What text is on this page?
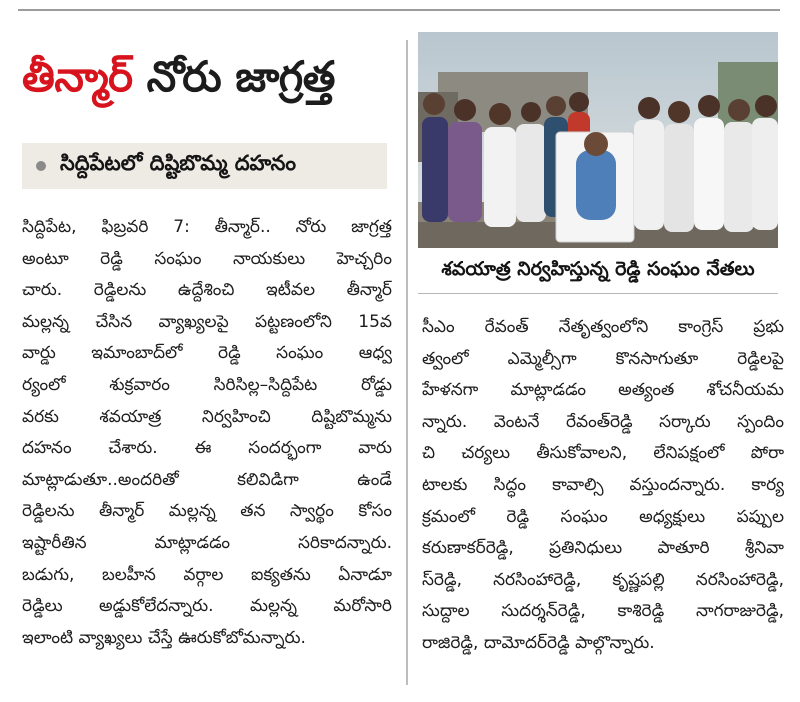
తీన్మార్ నోరు జాగ్రత్త
సిద్దిపేటలో దిష్టిబొమ్మ దహనం
సిద్దిపేట, ఫిబ్రవరి 7: తీన్మార్.. నోరు జాగ్రత్త
అంటూ రెడ్డి సంఘం నాయకులు హెచ్చరిం
చారు. రెడ్డిలను ఉద్దేశించి ఇటీవల తీన్మార్
మల్లన్న చేసిన వ్యాఖ్యలపై పట్టణంలోని 15వ
వార్డు ఇమాంబాద్‌లో రెడ్డి సంఘం ఆధ్వ
ర్యంలో శుక్రవారం సిరిసిల్ల–సిద్దిపేట రోడ్డు
వరకు శవయాత్ర నిర్వహించి దిష్టిబొమ్మను
దహనం చేశారు. ఈ సందర్భంగా వారు
మాట్లాడుతూ..అందరితో కలివిడిగా ఉండే
రెడ్డిలను తీన్మార్ మల్లన్న తన స్వార్థం కోసం
ఇష్టారీతిన మాట్లాడడం సరికాదన్నారు.
బడుగు, బలహీన వర్గాల ఐక్యతను ఏనాడూ
రెడ్డిలు అడ్డుకోలేదన్నారు. మల్లన్న మరోసారి
ఇలాంటి వ్యాఖ్యలు చేస్తే ఊరుకోబోమన్నారు.
శవయాత్ర నిర్వహిస్తున్న రెడ్డి సంఘం నేతలు
సీఎం రేవంత్ నేతృత్వంలోని కాంగ్రెస్ ప్రభు
త్వంలో ఎమ్మెల్సీగా కొనసాగుతూ రెడ్డిలపై
హేళనగా మాట్లాడడం అత్యంత శోచనీయమ
న్నారు. వెంటనే రేవంత్‌రెడ్డి సర్కారు స్పందిం
చి చర్యలు తీసుకోవాలని, లేనిపక్షంలో పోరా
టాలకు సిద్ధం కావాల్సి వస్తుందన్నారు. కార్య
క్రమంలో రెడ్డి సంఘం అధ్యక్షులు పప్పుల
కరుణాకర్‌రెడ్డి, ప్రతినిధులు పాతూరి శ్రీనివా
స్‌రెడ్డి, నరసింహారెడ్డి, కృష్ణపల్లి నరసింహారెడ్డి,
సుద్దాల సుదర్శన్‌రెడ్డి, కాశిరెడ్డి నాగరాజురెడ్డి,
రాజిరెడ్డి, దామోదర్‌రెడ్డి పాల్గొన్నారు.
